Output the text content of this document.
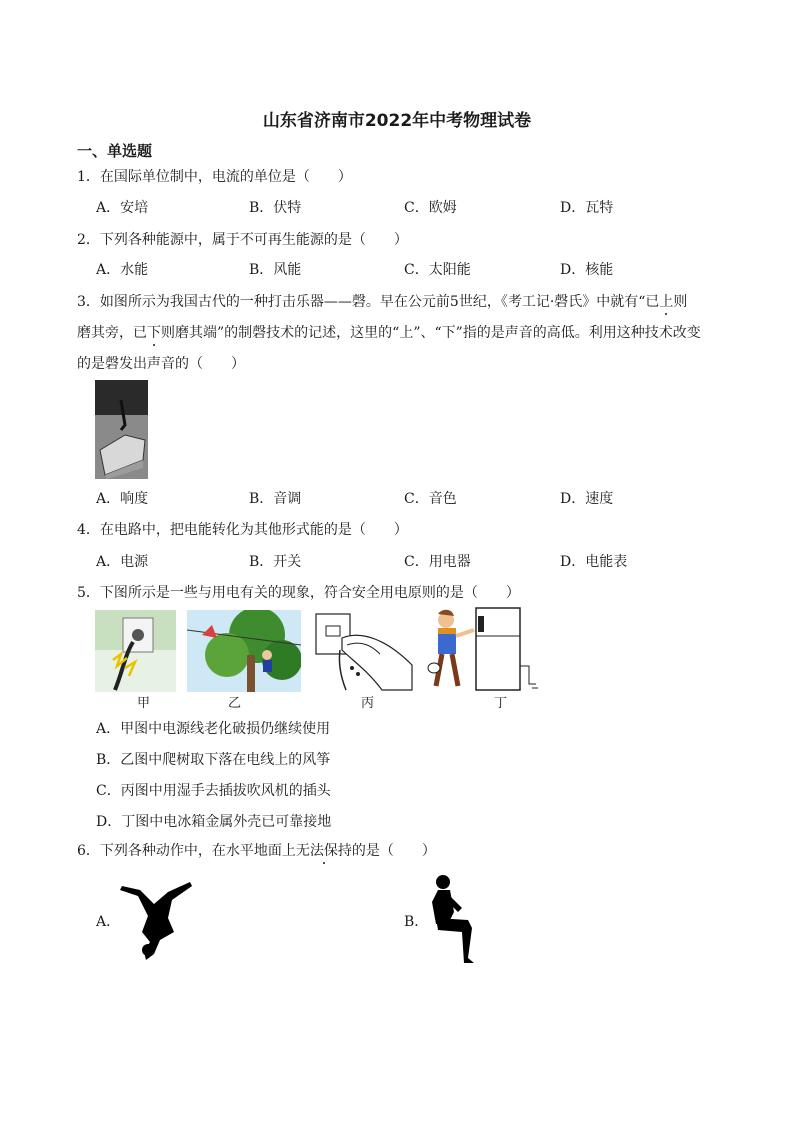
山东省济南市2022年中考物理试卷
一、单选题
1．在国际单位制中，电流的单位是（　　）
A．安培	B．伏特	C．欧姆	D．瓦特
2．下列各种能源中，属于不可再生能源的是（　　）
A．水能	B．风能	C．太阳能	D．核能
3．如图所示为我国古代的一种打击乐器——磬。早在公元前5世纪，《考工记·磬氏》中就有“已上则
磨其旁，已下则磨其端”的制磬技术的记述，这里的“上”、“下”指的是声音的高低。利用这种技术改变
的是磬发出声音的（　　）
A．响度	B．音调	C．音色	D．速度
4．在电路中，把电能转化为其他形式能的是（　　）
A．电源	B．开关	C．用电器	D．电能表
5．下图所示是一些与用电有关的现象，符合安全用电原则的是（　　）
甲	乙	丙	丁
A．甲图中电源线老化破损仍继续使用
B．乙图中爬树取下落在电线上的风筝
C．丙图中用湿手去插拔吹风机的插头
D．丁图中电冰箱金属外壳已可靠接地
6．下列各种动作中，在水平地面上无法保持的是（　　）
A．	B．
